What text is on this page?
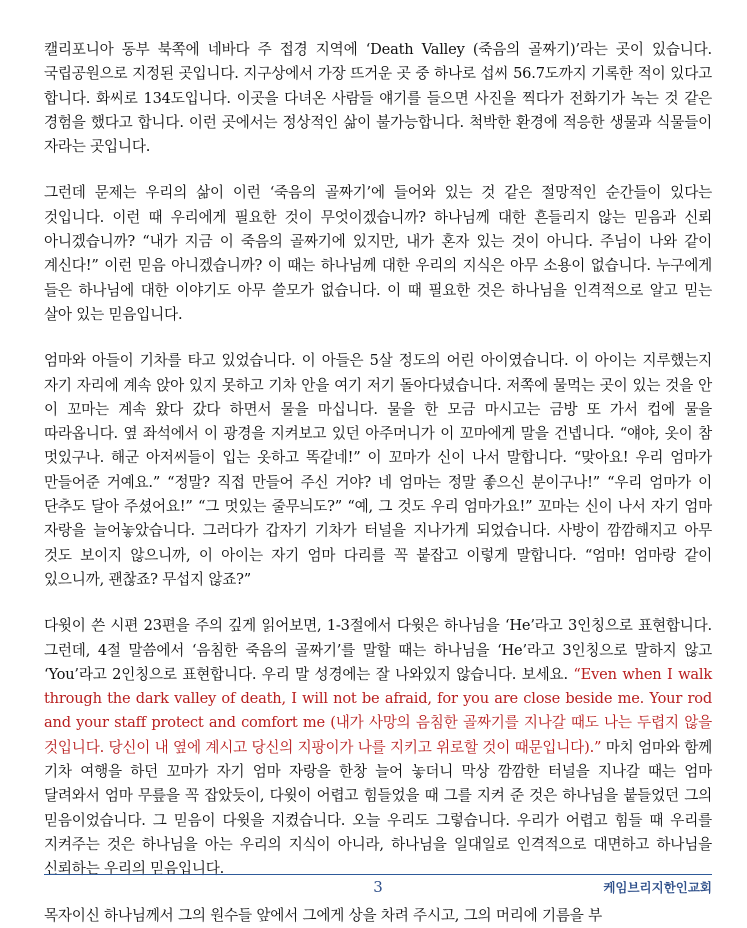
캘리포니아 동부 북쪽에 네바다 주 접경 지역에 ‘Death Valley (죽음의 골짜기)’라는 곳이 있습니다. 국립공원으로 지정된 곳입니다. 지구상에서 가장 뜨거운 곳 중 하나로 섭씨 56.7도까지 기록한 적이 있다고 합니다. 화씨로 134도입니다. 이곳을 다녀온 사람들 얘기를 들으면 사진을 찍다가 전화기가 녹는 것 같은 경험을 했다고 합니다. 이런 곳에서는 정상적인 삶이 불가능합니다. 척박한 환경에 적응한 생물과 식물들이 자라는 곳입니다.

그런데 문제는 우리의 삶이 이런 ‘죽음의 골짜기’에 들어와 있는 것 같은 절망적인 순간들이 있다는 것입니다. 이런 때 우리에게 필요한 것이 무엇이겠습니까? 하나님께 대한 흔들리지 않는 믿음과 신뢰 아니겠습니까? “내가 지금 이 죽음의 골짜기에 있지만, 내가 혼자 있는 것이 아니다. 주님이 나와 같이 계신다!” 이런 믿음 아니겠습니까? 이 때는 하나님께 대한 우리의 지식은 아무 소용이 없습니다. 누구에게 들은 하나님에 대한 이야기도 아무 쓸모가 없습니다. 이 때 필요한 것은 하나님을 인격적으로 알고 믿는 살아 있는 믿음입니다.

엄마와 아들이 기차를 타고 있었습니다. 이 아들은 5살 정도의 어린 아이였습니다. 이 아이는 지루했는지 자기 자리에 계속 앉아 있지 못하고 기차 안을 여기 저기 돌아다녔습니다. 저쪽에 물먹는 곳이 있는 것을 안 이 꼬마는 계속 왔다 갔다 하면서 물을 마십니다. 물을 한 모금 마시고는 금방 또 가서 컵에 물을 따라옵니다. 옆 좌석에서 이 광경을 지켜보고 있던 아주머니가 이 꼬마에게 말을 건넵니다. “얘야, 옷이 참 멋있구나. 해군 아저씨들이 입는 옷하고 똑같네!” 이 꼬마가 신이 나서 말합니다. “맞아요! 우리 엄마가 만들어준 거예요.” “정말? 직접 만들어 주신 거야? 네 엄마는 정말 좋으신 분이구나!” “우리 엄마가 이 단추도 달아 주셨어요!” “그 멋있는 줄무늬도?” “예, 그 것도 우리 엄마가요!” 꼬마는 신이 나서 자기 엄마 자랑을 늘어놓았습니다. 그러다가 갑자기 기차가 터널을 지나가게 되었습니다. 사방이 깜깜해지고 아무 것도 보이지 않으니까, 이 아이는 자기 엄마 다리를 꼭 붙잡고 이렇게 말합니다. “엄마! 엄마랑 같이 있으니까, 괜찮죠? 무섭지 않죠?”

다윗이 쓴 시편 23편을 주의 깊게 읽어보면, 1-3절에서 다윗은 하나님을 ‘He’라고 3인칭으로 표현합니다. 그런데, 4절 말씀에서 ‘음침한 죽음의 골짜기’를 말할 때는 하나님을 ‘He’라고 3인칭으로 말하지 않고 ‘You’라고 2인칭으로 표현합니다. 우리 말 성경에는 잘 나와있지 않습니다. 보세요. “Even when I walk through the dark valley of death, I will not be afraid, for you are close beside me. Your rod and your staff protect and comfort me (내가 사망의 음침한 골짜기를 지나갈 때도 나는 두렵지 않을 것입니다. 당신이 내 옆에 계시고 당신의 지팡이가 나를 지키고 위로할 것이 때문입니다).” 마치 엄마와 함께 기차 여행을 하던 꼬마가 자기 엄마 자랑을 한창 늘어 놓더니 막상 깜깜한 터널을 지나갈 때는 엄마 달려와서 엄마 무릎을 꼭 잡았듯이, 다윗이 어렵고 힘들었을 때 그를 지켜 준 것은 하나님을 붙들었던 그의 믿음이었습니다. 그 믿음이 다윗을 지켰습니다. 오늘 우리도 그렇습니다. 우리가 어렵고 힘들 때 우리를 지켜주는 것은 하나님을 아는 우리의 지식이 아니라, 하나님을 일대일로 인격적으로 대면하고 하나님을 신뢰하는 우리의 믿음입니다.

목자이신 하나님께서 그의 원수들 앞에서 그에게 상을 차려 주시고, 그의 머리에 기름을 부

3	케임브리지한인교회
